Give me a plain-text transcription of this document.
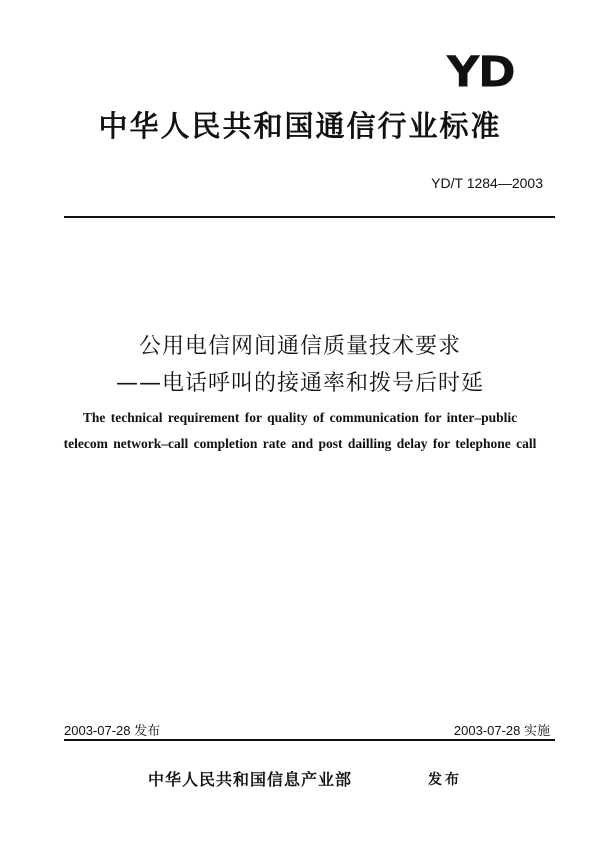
YD
中华人民共和国通信行业标准
YD/T 1284—2003
公用电信网间通信质量技术要求
——电话呼叫的接通率和拨号后时延
The technical requirement for quality of communication for inter–public
telecom network–call completion rate and post dailling delay for telephone call
2003-07-28 发布	2003-07-28 实施
中华人民共和国信息产业部	发布
